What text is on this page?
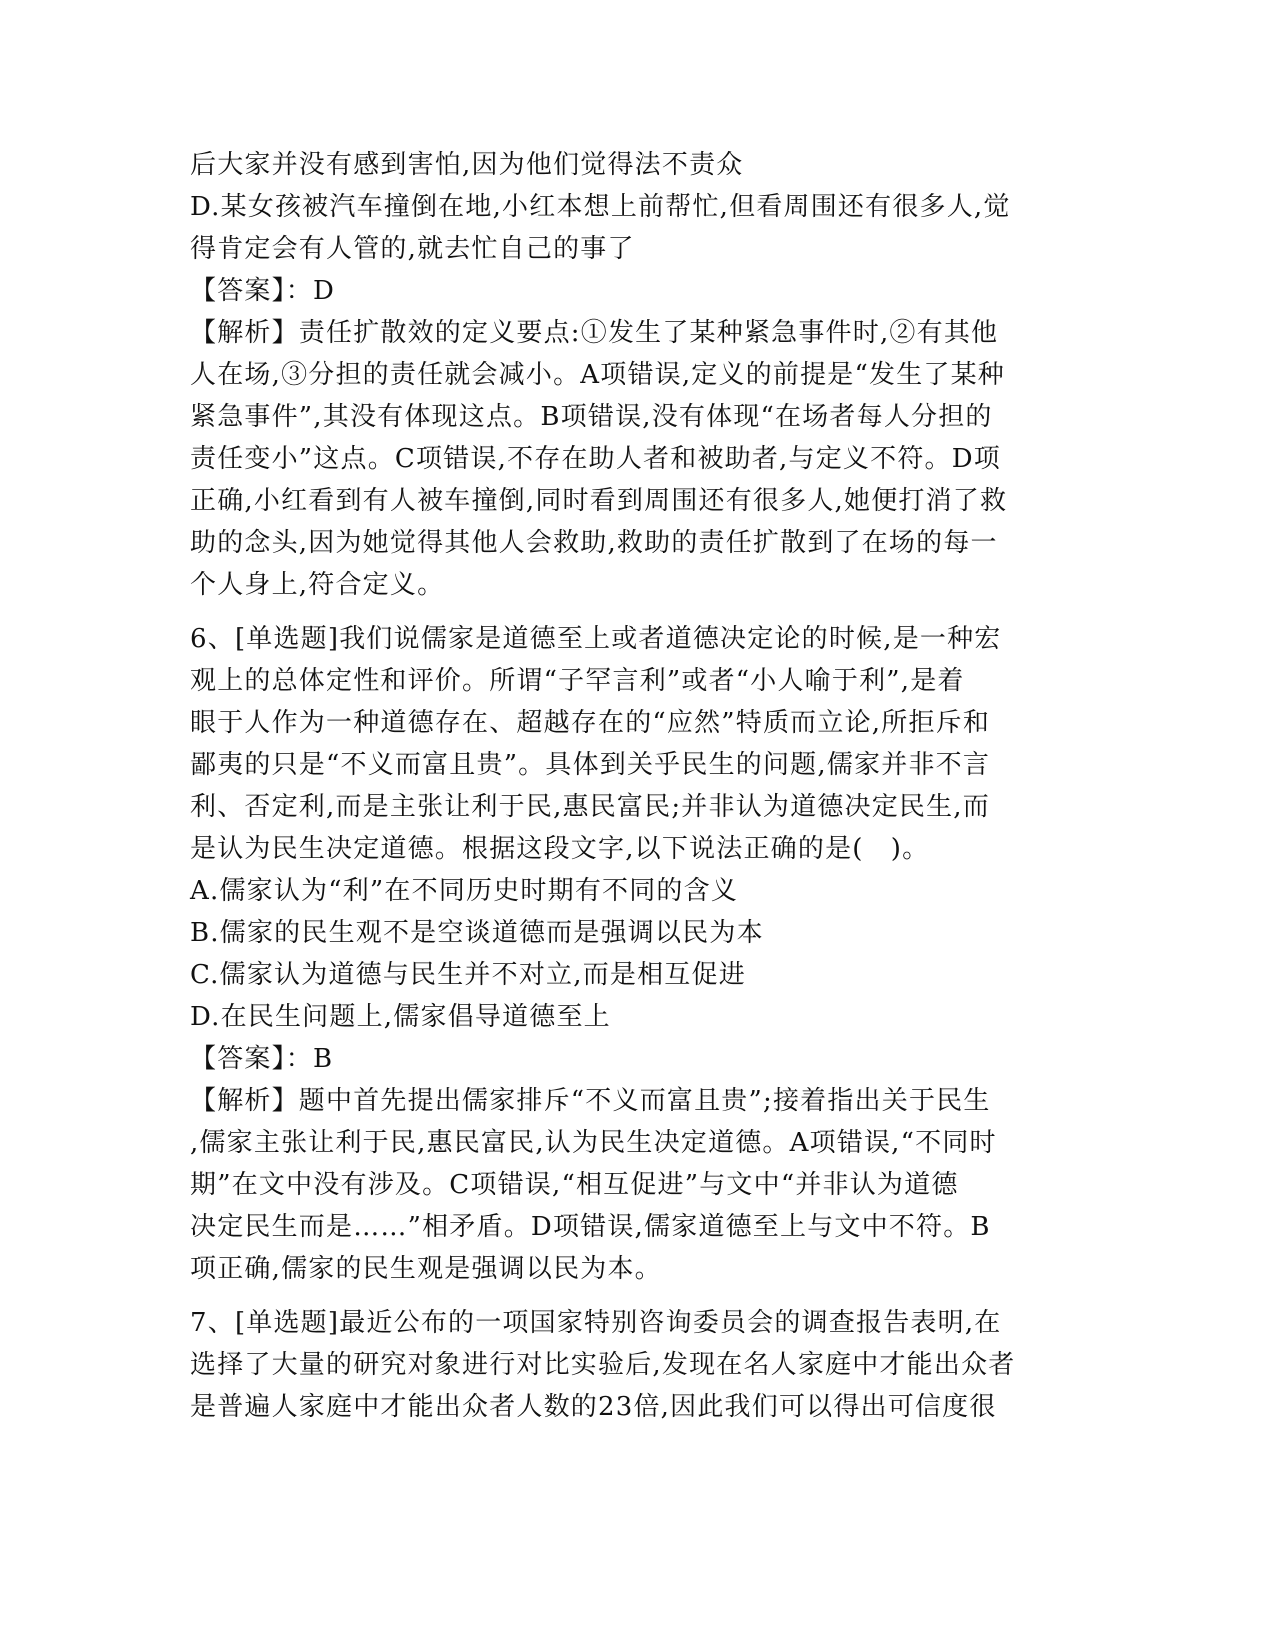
后大家并没有感到害怕,因为他们觉得法不责众
D.某女孩被汽车撞倒在地,小红本想上前帮忙,但看周围还有很多人,觉
得肯定会有人管的,就去忙自己的事了
【答案】：D
【解析】责任扩散效的定义要点:①发生了某种紧急事件时,②有其他
人在场,③分担的责任就会减小。A项错误,定义的前提是“发生了某种
紧急事件”,其没有体现这点。B项错误,没有体现“在场者每人分担的
责任变小”这点。C项错误,不存在助人者和被助者,与定义不符。D项
正确,小红看到有人被车撞倒,同时看到周围还有很多人,她便打消了救
助的念头,因为她觉得其他人会救助,救助的责任扩散到了在场的每一
个人身上,符合定义。
6、[单选题]我们说儒家是道德至上或者道德决定论的时候,是一种宏
观上的总体定性和评价。所谓“子罕言利”或者“小人喻于利”,是着
眼于人作为一种道德存在、超越存在的“应然”特质而立论,所拒斥和
鄙夷的只是“不义而富且贵”。具体到关乎民生的问题,儒家并非不言
利、否定利,而是主张让利于民,惠民富民;并非认为道德决定民生,而
是认为民生决定道德。根据这段文字,以下说法正确的是(　)。
A.儒家认为“利”在不同历史时期有不同的含义
B.儒家的民生观不是空谈道德而是强调以民为本
C.儒家认为道德与民生并不对立,而是相互促进
D.在民生问题上,儒家倡导道德至上
【答案】：B
【解析】题中首先提出儒家排斥“不义而富且贵”;接着指出关于民生
,儒家主张让利于民,惠民富民,认为民生决定道德。A项错误,“不同时
期”在文中没有涉及。C项错误,“相互促进”与文中“并非认为道德
决定民生而是……”相矛盾。D项错误,儒家道德至上与文中不符。B
项正确,儒家的民生观是强调以民为本。
7、[单选题]最近公布的一项国家特别咨询委员会的调查报告表明,在
选择了大量的研究对象进行对比实验后,发现在名人家庭中才能出众者
是普遍人家庭中才能出众者人数的23倍,因此我们可以得出可信度很
